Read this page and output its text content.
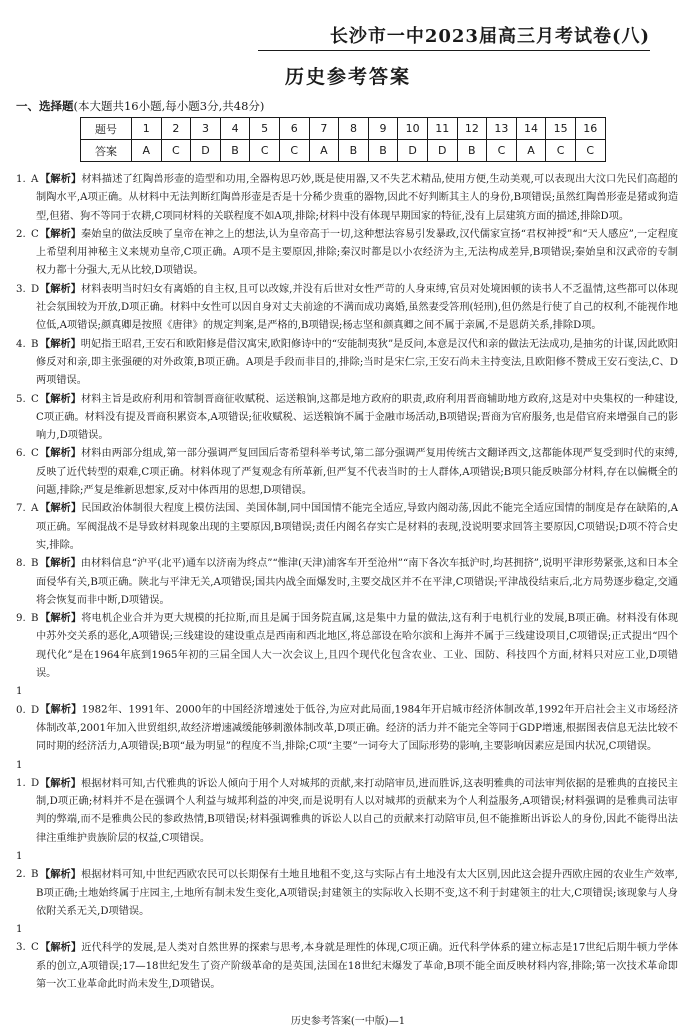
长沙市一中2023届高三月考试卷(八)
历史参考答案
一、选择题(本大题共16小题,每小题3分,共48分)
题号	1	2	3	4	5	6	7	8	9	10	11	12	13	14	15	16
答案	A	C	D	B	C	C	A	B	B	D	D	B	C	A	C	C
1. A 【解析】材料描述了红陶兽形壶的造型和功用,全器构思巧妙,既是使用器,又不失艺术精品,使用方便,生动美观,可以表现出大汶口先民们高超的制陶水平,A项正确。从材料中无法判断红陶兽形壶是否是十分稀少贵重的器物,因此不好判断其主人的身份,B项错误;虽然红陶兽形壶是猪或狗造型,但猪、狗不等同于农耕,C项同材料的关联程度不如A项,排除;材料中没有体现早期国家的特征,没有上层建筑方面的描述,排除D项。
2. C【解析】秦始皇的做法反映了皇帝在神之上的想法,认为皇帝高于一切,这种想法容易引发暴政,汉代儒家宣扬“君权神授”和“天人感应”,一定程度上希望利用神秘主义来规劝皇帝,C项正确。A项不是主要原因,排除;秦汉时都是以小农经济为主,无法构成差异,B项错误;秦始皇和汉武帝的专制权力都十分强大,无从比较,D项错误。
3. D【解析】材料表明当时妇女有离婚的自主权,且可以改嫁,并没有后世对女性严苛的人身束缚,官员对处境困顿的读书人不乏温情,这些都可以体现社会氛围较为开放,D项正确。材料中女性可以因自身对丈夫前途的不满而成功离婚,虽然妻受答刑(轻刑),但仍然是行使了自己的权利,不能视作地位低,A项错误;颜真卿是按照《唐律》的规定判案,是严格的,B项错误;杨志坚和颜真卿之间不属于亲属,不是恩荫关系,排除D项。
4. B 【解析】明妃指王昭君,王安石和欧阳修是借汉寓宋,欧阳修诗中的“安能制夷狄”是反问,本意是汉代和亲的做法无法成功,是抽劣的计谋,因此欧阳修反对和亲,即主张强硬的对外政策,B项正确。A项是手段而非目的,排除;当时是宋仁宗,王安石尚未主持变法,且欧阳修不赞成王安石变法,C、D两项错误。
5. C【解析】材料主旨是政府利用和管制晋商征收赋税、运送粮饷,这都是地方政府的职责,政府利用晋商辅助地方政府,这是对中央集权的一种建设,C项正确。材料没有提及晋商积累资本,A项错误;征收赋税、运送粮饷不属于金融市场活动,B项错误;晋商为官府服务,也是借官府来增强自己的影响力,D项错误。
6. C【解析】材料由两部分组成,第一部分强调严复回国后寄希望科举考试,第二部分强调严复用传统古文翻译西文,这都能体现严复受到时代的束缚,反映了近代转型的艰难,C项正确。材料体现了严复观念有所革新,但严复不代表当时的士人群体,A项错误;B项只能反映部分材料,存在以偏概全的问题,排除;严复是维新思想家,反对中体西用的思想,D项错误。
7. A 【解析】民国政治体制很大程度上模仿法国、美国体制,同中国国情不能完全适应,导致内阁动荡,因此不能完全适应国情的制度是存在缺陷的,A项正确。军阀混战不是导致材料现象出现的主要原因,B项错误;责任内阁名存实亡是材料的表现,没说明要求回答主要原因,C项错误;D项不符合史实,排除。
8. B 【解析】由材料信息“沪平(北平)通车以济南为终点”“惟津(天津)浦客车开至沧州”“南下各次车抵沪时,均甚拥挤”,说明平津形势紧张,这和日本全面侵华有关,B项正确。陕北与平津无关,A项错误;国共内战全面爆发时,主要交战区并不在平津,C项错误;平津战役结束后,北方局势逐步稳定,交通将会恢复而非中断,D项错误。
9. B 【解析】将电机企业合并为更大规模的托拉斯,而且是属于国务院直属,这是集中力量的做法,这有利于电机行业的发展,B项正确。材料没有体现中苏外交关系的恶化,A项错误;三线建设的建设重点是西南和西北地区,将总部设在哈尔滨和上海并不属于三线建设项目,C项错误;正式提出“四个现代化”是在1964年底到1965年初的三届全国人大一次会议上,且四个现代化包含农业、工业、国防、科技四个方面,材料只对应工业,D项错误。
10. D【解析】1982年、1991年、2000年的中国经济增速处于低谷,为应对此局面,1984年开启城市经济体制改革,1992年开启社会主义市场经济体制改革,2001年加入世贸组织,故经济增速减缓能够刺激体制改革,D项正确。经济的活力并不能完全等同于GDP增速,根据图表信息无法比较不同时期的经济活力,A项错误;B项“最为明显”的程度不当,排除;C项“主要”一词夸大了国际形势的影响,主要影响因素应是国内状况,C项错误。
11. D【解析】根据材料可知,古代雅典的诉讼人倾向于用个人对城邦的贡献,来打动陪审员,进而胜诉,这表明雅典的司法审判依据的是雅典的直接民主制,D项正确;材料并不是在强调个人利益与城邦利益的冲突,而是说明有人以对城邦的贡献来为个人利益服务,A项错误;材料强调的是雅典司法审判的弊端,而不是雅典公民的参政热情,B项错误;材料强调雅典的诉讼人以自己的贡献来打动陪审员,但不能推断出诉讼人的身份,因此不能得出法律注重维护贵族阶层的权益,C项错误。
12. B 【解析】根据材料可知,中世纪西欧农民可以长期保有土地且地租不变,这与实际占有土地没有太大区别,因此这会提升西欧庄园的农业生产效率,B项正确;土地始终属于庄园主,土地所有制未发生变化,A项错误;封建领主的实际收入长期不变,这不利于封建领主的壮大,C项错误;该现象与人身依附关系无关,D项错误。
13. C【解析】近代科学的发展,是人类对自然世界的探索与思考,本身就是理性的体现,C项正确。近代科学体系的建立标志是17世纪后期牛顿力学体系的创立,A项错误;17—18世纪发生了资产阶级革命的是英国,法国在18世纪末爆发了革命,B项不能全面反映材料内容,排除;第一次技术革命即第一次工业革命此时尚未发生,D项错误。
历史参考答案(一中版)—1
